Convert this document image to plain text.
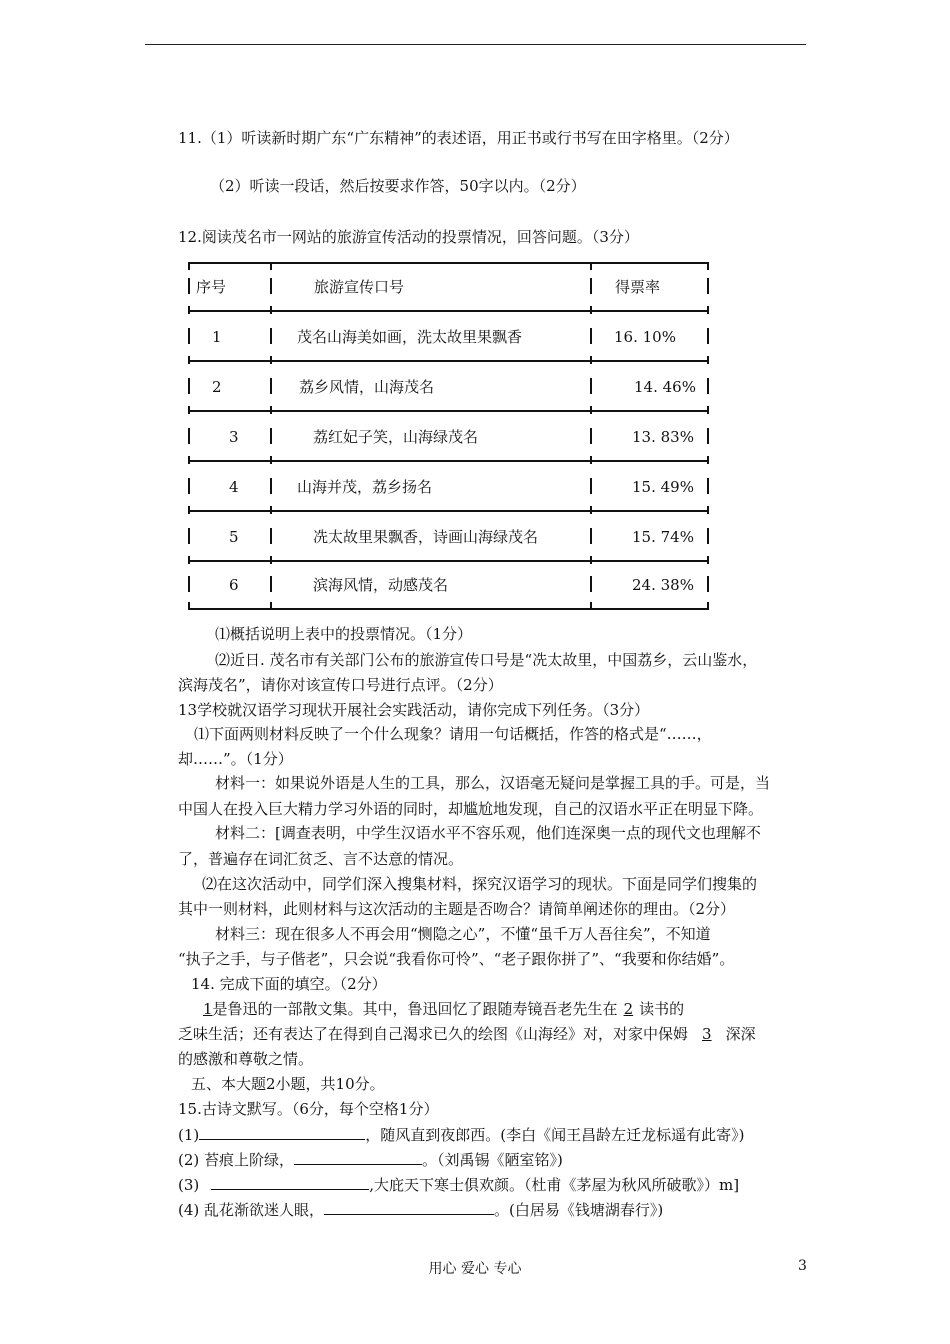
11.（1）听读新时期广东“广东精神”的表述语，用正书或行书写在田字格里。（2分）
（2）听读一段话，然后按要求作答，50字以内。（2分）
12.阅读茂名市一网站的旅游宣传活动的投票情况，回答问题。（3分）
序号	旅游宣传口号	得票率
1	茂名山海美如画，洗太故里果飘香	16. 10%
2	荔乡风情，山海茂名	14. 46%
3	荔红妃子笑，山海绿茂名	13. 83%
4	山海并茂，荔乡扬名	15. 49%
5	冼太故里果飘香，诗画山海绿茂名	15. 74%
6	滨海风情，动感茂名	24. 38%
⑴概括说明上表中的投票情况。（1分）
⑵近日. 茂名市有关部门公布的旅游宣传口号是“冼太故里，中国荔乡，云山鉴水，
滨海茂名”，请你对该宣传口号进行点评。（2分）
13学校就汉语学习现状开展社会实践活动，请你完成下列任务。（3分）
⑴下面两则材料反映了一个什么现象？请用一句话概括，作答的格式是“……，
却……”。（1分）
材料一：如果说外语是人生的工具，那么，汉语毫无疑问是掌握工具的手。可是，当
中国人在投入巨大精力学习外语的同时，却尴尬地发现，自己的汉语水平正在明显下降。
材料二：[调查表明，中学生汉语水平不容乐观，他们连深奥一点的现代文也理解不
了，普遍存在词汇贫乏、言不达意的情况。
⑵在这次活动中，同学们深入搜集材料，探究汉语学习的现状。下面是同学们搜集的
其中一则材料，此则材料与这次活动的主题是否吻合？请简单阐述你的理由。（2分）
材料三：现在很多人不再会用“恻隐之心”，不懂“虽千万人吾往矣”，不知道
“执子之手，与子偕老”，只会说“我看你可怜”、“老子跟你拼了”、“我要和你结婚”。
14. 完成下面的填空。（2分）
1是鲁迅的一部散文集。其中，鲁迅回忆了跟随寿镜吾老先生在 2 读书的
乏味生活；还有表达了在得到自己渴求已久的绘图《山海经》对，对家中保姆 3 深深
的感激和尊敬之情。
五、本大题2小题，共10分。
15.古诗文默写。（6分，每个空格1分）
(1)	，随风直到夜郎西。(李白《闻王昌龄左迁龙标遥有此寄》)
(2) 苔痕上阶绿，	。（刘禹锡《陋室铭》)
(3)	,大庇天下寒士俱欢颜。（杜甫《茅屋为秋风所破歌》）m]
(4) 乱花渐欲迷人眼，	。(白居易《钱塘湖春行》)
用心 爱心 专心	3
